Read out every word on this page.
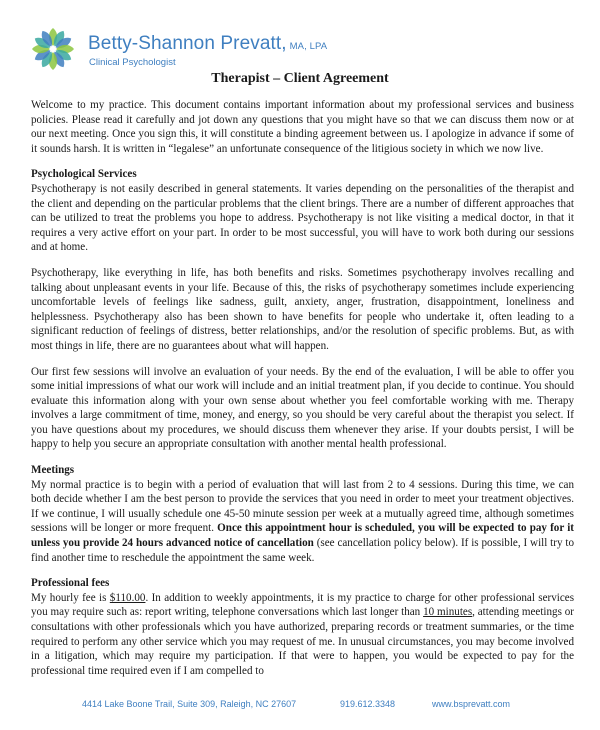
Betty-Shannon Prevatt, MA, LPA
Clinical Psychologist
Therapist – Client Agreement

Welcome to my practice. This document contains important information about my professional services and business policies. Please read it carefully and jot down any questions that you might have so that we can discuss them now or at our next meeting. Once you sign this, it will constitute a binding agreement between us. I apologize in advance if some of it sounds harsh. It is written in “legalese” an unfortunate consequence of the litigious society in which we now live.

Psychological Services

Psychotherapy is not easily described in general statements. It varies depending on the personalities of the therapist and the client and depending on the particular problems that the client brings. There are a number of different approaches that can be utilized to treat the problems you hope to address. Psychotherapy is not like visiting a medical doctor, in that it requires a very active effort on your part. In order to be most successful, you will have to work both during our sessions and at home.

Psychotherapy, like everything in life, has both benefits and risks. Sometimes psychotherapy involves recalling and talking about unpleasant events in your life. Because of this, the risks of psychotherapy sometimes include experiencing uncomfortable levels of feelings like sadness, guilt, anxiety, anger, frustration, disappointment, loneliness and helplessness. Psychotherapy also has been shown to have benefits for people who undertake it, often leading to a significant reduction of feelings of distress, better relationships, and/or the resolution of specific problems. But, as with most things in life, there are no guarantees about what will happen.

Our first few sessions will involve an evaluation of your needs. By the end of the evaluation, I will be able to offer you some initial impressions of what our work will include and an initial treatment plan, if you decide to continue. You should evaluate this information along with your own sense about whether you feel comfortable working with me. Therapy involves a large commitment of time, money, and energy, so you should be very careful about the therapist you select. If you have questions about my procedures, we should discuss them whenever they arise. If your doubts persist, I will be happy to help you secure an appropriate consultation with another mental health professional.

Meetings

My normal practice is to begin with a period of evaluation that will last from 2 to 4 sessions. During this time, we can both decide whether I am the best person to provide the services that you need in order to meet your treatment objectives. If we continue, I will usually schedule one 45-50 minute session per week at a mutually agreed time, although sometimes sessions will be longer or more frequent. Once this appointment hour is scheduled, you will be expected to pay for it unless you provide 24 hours advanced notice of cancellation (see cancellation policy below). If is possible, I will try to find another time to reschedule the appointment the same week.

Professional fees

My hourly fee is $110.00. In addition to weekly appointments, it is my practice to charge for other professional services you may require such as: report writing, telephone conversations which last longer than 10 minutes, attending meetings or consultations with other professionals which you have authorized, preparing records or treatment summaries, or the time required to perform any other service which you may request of me. In unusual circumstances, you may become involved in a litigation, which may require my participation. If that were to happen, you would be expected to pay for the professional time required even if I am compelled to

4414 Lake Boone Trail, Suite 309, Raleigh, NC 27607	919.612.3348	www.bsprevatt.com
